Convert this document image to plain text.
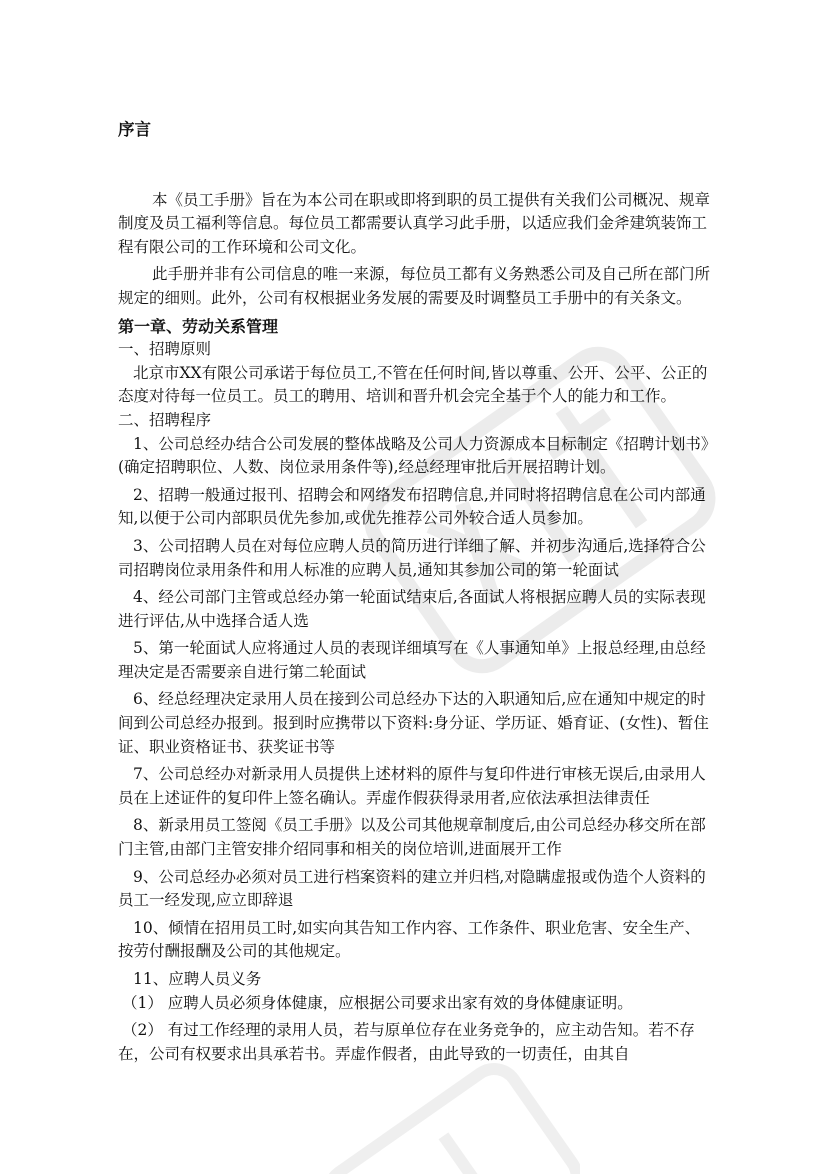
序言

本《员工手册》旨在为本公司在职或即将到职的员工提供有关我们公司概况、规章制度及员工福利等信息。每位员工都需要认真学习此手册，以适应我们金斧建筑装饰工程有限公司的工作环境和公司文化。

此手册并非有公司信息的唯一来源，每位员工都有义务熟悉公司及自己所在部门所规定的细则。此外，公司有权根据业务发展的需要及时调整员工手册中的有关条文。

第一章、劳动关系管理

一、招聘原则

北京市XX有限公司承诺于每位员工,不管在任何时间,皆以尊重、公开、公平、公正的态度对待每一位员工。员工的聘用、培训和晋升机会完全基于个人的能力和工作。

二、招聘程序

1、公司总经办结合公司发展的整体战略及公司人力资源成本目标制定《招聘计划书》(确定招聘职位、人数、岗位录用条件等),经总经理审批后开展招聘计划。

2、招聘一般通过报刊、招聘会和网络发布招聘信息,并同时将招聘信息在公司内部通知,以便于公司内部职员优先参加,或优先推荐公司外较合适人员参加。

3、公司招聘人员在对每位应聘人员的简历进行详细了解、并初步沟通后,选择符合公司招聘岗位录用条件和用人标准的应聘人员,通知其参加公司的第一轮面试

4、经公司部门主管或总经办第一轮面试结束后,各面试人将根据应聘人员的实际表现进行评估,从中选择合适人选

5、第一轮面试人应将通过人员的表现详细填写在《人事通知单》上报总经理,由总经理决定是否需要亲自进行第二轮面试

6、经总经理决定录用人员在接到公司总经办下达的入职通知后,应在通知中规定的时间到公司总经办报到。报到时应携带以下资料:身分证、学历证、婚育证、(女性)、暂住证、职业资格证书、获奖证书等

7、公司总经办对新录用人员提供上述材料的原件与复印件进行审核无误后,由录用人员在上述证件的复印件上签名确认。弄虚作假获得录用者,应依法承担法律责任

8、新录用员工签阅《员工手册》以及公司其他规章制度后,由公司总经办移交所在部门主管,由部门主管安排介绍同事和相关的岗位培训,进面展开工作

9、公司总经办必须对员工进行档案资料的建立并归档,对隐瞒虚报或伪造个人资料的员工一经发现,应立即辞退

10、倾情在招用员工时,如实向其告知工作内容、工作条件、职业危害、安全生产、按劳付酬报酬及公司的其他规定。

11、应聘人员义务

（1） 应聘人员必须身体健康，应根据公司要求出家有效的身体健康证明。

（2） 有过工作经理的录用人员，若与原单位存在业务竞争的，应主动告知。若不存在，公司有权要求出具承若书。弄虚作假者，由此导致的一切责任，由其自
